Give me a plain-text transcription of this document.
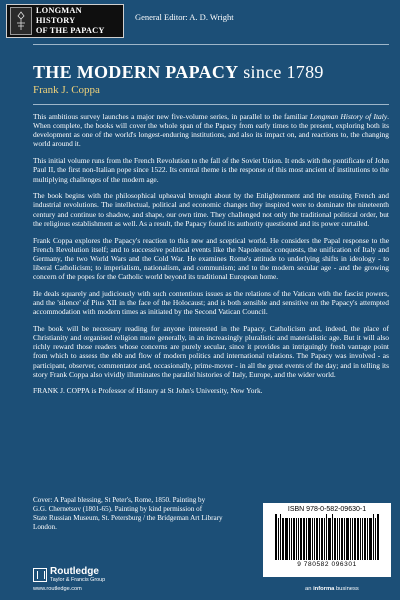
LONGMAN HISTORY
OF THE PAPACY
General Editor: A. D. Wright
THE MODERN PAPACY since 1789
Frank J. Coppa

This ambitious survey launches a major new five-volume series, in parallel to the familiar Longman History of Italy. When complete, the books will cover the whole span of the Papacy from early times to the present, exploring both its development as one of the world's longest-enduring institutions, and also its impact on, and reactions to, the changing world around it.

This initial volume runs from the French Revolution to the fall of the Soviet Union. It ends with the pontificate of John Paul II, the first non-Italian pope since 1522. Its central theme is the response of this most ancient of institutions to the multiplying challenges of the modern age.

The book begins with the philosophical upheaval brought about by the Enlightenment and the ensuing French and industrial revolutions. The intellectual, political and economic changes they inspired were to dominate the nineteenth century and continue to shadow, and shape, our own time. They challenged not only the traditional political order, but the religious establishment as well. As a result, the Papacy found its authority questioned and its power curtailed.

Frank Coppa explores the Papacy's reaction to this new and sceptical world. He considers the Papal response to the French Revolution itself; and to successive political events like the Napoleonic conquests, the unification of Italy and Germany, the two World Wars and the Cold War. He examines Rome's attitude to underlying shifts in ideology - to liberal Catholicism; to imperialism, nationalism, and communism; and to the modern secular age - and the growing concern of the popes for the Catholic world beyond its traditional European home.

He deals squarely and judiciously with such contentious issues as the relations of the Vatican with the fascist powers, and the 'silence' of Pius XII in the face of the Holocaust; and is both sensible and sensitive on the Papacy's attempted accommodation with modern times as initiated by the Second Vatican Council.

The book will be necessary reading for anyone interested in the Papacy, Catholicism and, indeed, the place of Christianity and organised religion more generally, in an increasingly pluralistic and materialistic age. But it will also richly reward those readers whose concerns are purely secular, since it provides an intriguingly fresh vantage point from which to assess the ebb and flow of modern politics and international relations. The Papacy was involved - as participant, observer, commentator and, occasionally, prime-mover - in all the great events of the day; and in telling its story Frank Coppa also vividly illuminates the parallel histories of Italy, Europe, and the wider world.

FRANK J. COPPA is Professor of History at St John's University, New York.

Cover: A Papal blessing, St Peter's, Rome, 1850. Painting by

G.G. Chernetsov (1801-65). Painting by kind permission of

State Russian Museum, St. Petersburg / the Bridgeman Art Library

London.

ISBN 978-0-582-09630-1
9 780582 096301
Routledge
Taylor & Francis Group
www.routledge.com	an informa business
